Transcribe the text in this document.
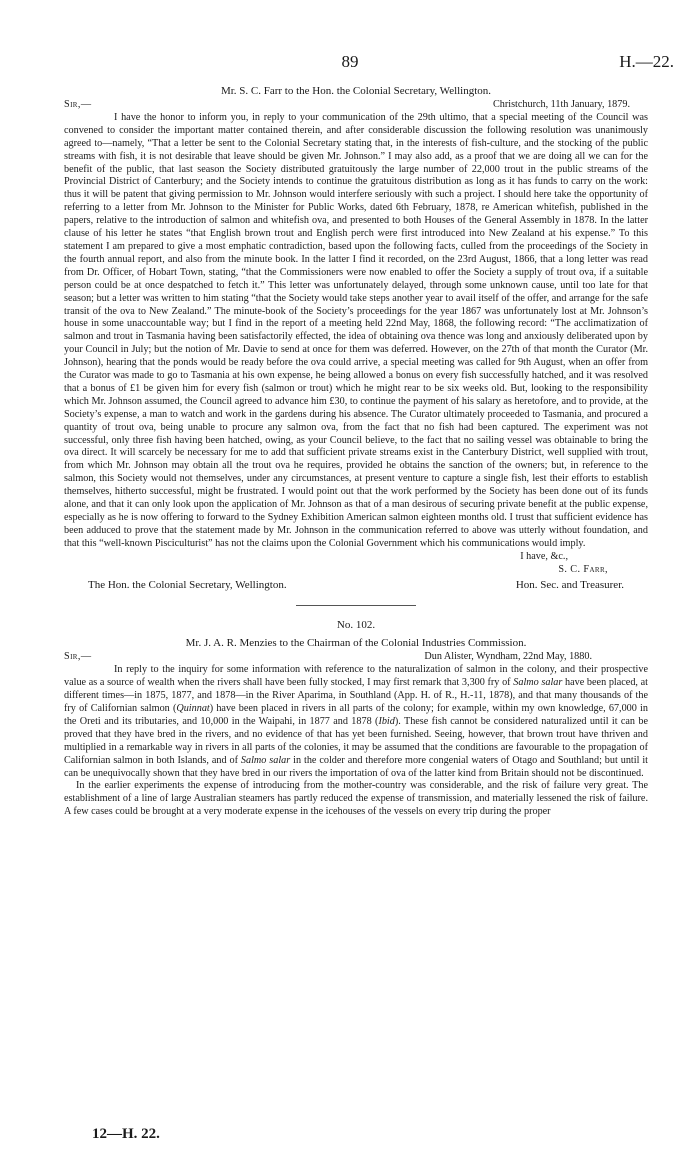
89	H.—22.

Mr. S. C. Farr to the Hon. the Colonial Secretary, Wellington.

Sir,—	Christchurch, 11th January, 1879.

I have the honor to inform you, in reply to your communication of the 29th ultimo, that a special meeting of the Council was convened to consider the important matter contained therein, and after considerable discussion the following resolution was unanimously agreed to—namely, “That a letter be sent to the Colonial Secretary stating that, in the interests of fish-culture, and the stocking of the public streams with fish, it is not desirable that leave should be given Mr. Johnson.” I may also add, as a proof that we are doing all we can for the benefit of the public, that last season the Society distributed gratuitously the large number of 22,000 trout in the public streams of the Provincial District of Canterbury; and the Society intends to continue the gratuitous distribution as long as it has funds to carry on the work: thus it will be patent that giving permission to Mr. Johnson would interfere seriously with such a project. I should here take the opportunity of referring to a letter from Mr. Johnson to the Minister for Public Works, dated 6th February, 1878, re American whitefish, published in the papers, relative to the introduction of salmon and whitefish ova, and presented to both Houses of the General Assembly in 1878. In the latter clause of his letter he states “that English brown trout and English perch were first introduced into New Zealand at his expense.” To this statement I am prepared to give a most emphatic contradiction, based upon the following facts, culled from the proceedings of the Society in the fourth annual report, and also from the minute book. In the latter I find it recorded, on the 23rd August, 1866, that a long letter was read from Dr. Officer, of Hobart Town, stating, “that the Commissioners were now enabled to offer the Society a supply of trout ova, if a suitable person could be at once despatched to fetch it.” This letter was unfortunately delayed, through some unknown cause, until too late for that season; but a letter was written to him stating “that the Society would take steps another year to avail itself of the offer, and arrange for the safe transit of the ova to New Zealand.” The minute-book of the Society’s proceedings for the year 1867 was unfortunately lost at Mr. Johnson’s house in some unaccountable way; but I find in the report of a meeting held 22nd May, 1868, the following record: “The acclimatization of salmon and trout in Tasmania having been satisfactorily effected, the idea of obtaining ova thence was long and anxiously deliberated upon by your Council in July; but the notion of Mr. Davie to send at once for them was deferred. However, on the 27th of that month the Curator (Mr. Johnson), hearing that the ponds would be ready before the ova could arrive, a special meeting was called for 9th August, when an offer from the Curator was made to go to Tasmania at his own expense, he being allowed a bonus on every fish successfully hatched, and it was resolved that a bonus of £1 be given him for every fish (salmon or trout) which he might rear to be six weeks old. But, looking to the responsibility which Mr. Johnson assumed, the Council agreed to advance him £30, to continue the payment of his salary as heretofore, and to provide, at the Society’s expense, a man to watch and work in the gardens during his absence. The Curator ultimately proceeded to Tasmania, and procured a quantity of trout ova, being unable to procure any salmon ova, from the fact that no fish had been captured. The experiment was not successful, only three fish having been hatched, owing, as your Council believe, to the fact that no sailing vessel was obtainable to bring the ova direct. It will scarcely be necessary for me to add that sufficient private streams exist in the Canterbury District, well supplied with trout, from which Mr. Johnson may obtain all the trout ova he requires, provided he obtains the sanction of the owners; but, in reference to the salmon, this Society would not themselves, under any circumstances, at present venture to capture a single fish, lest their efforts to establish themselves, hitherto successful, might be frustrated. I would point out that the work performed by the Society has been done out of its funds alone, and that it can only look upon the application of Mr. Johnson as that of a man desirous of securing private benefit at the public expense, especially as he is now offering to forward to the Sydney Exhibition American salmon eighteen months old. I trust that sufficient evidence has been adduced to prove that the statement made by Mr. Johnson in the communication referred to above was utterly without foundation, and that this “well-known Pisciculturist” has not the claims upon the Colonial Government which his communications would imply.

I have, &c.,

S. C. Farr,

The Hon. the Colonial Secretary, Wellington.	Hon. Sec. and Treasurer.

No. 102.

Mr. J. A. R. Menzies to the Chairman of the Colonial Industries Commission.

Sir,—	Dun Alister, Wyndham, 22nd May, 1880.

In reply to the inquiry for some information with reference to the naturalization of salmon in the colony, and their prospective value as a source of wealth when the rivers shall have been fully stocked, I may first remark that 3,300 fry of Salmo salar have been placed, at different times—in 1875, 1877, and 1878—in the River Aparima, in Southland (App. H. of R., H.-11, 1878), and that many thousands of the fry of Californian salmon (Quinnat) have been placed in rivers in all parts of the colony; for example, within my own knowledge, 67,000 in the Oreti and its tributaries, and 10,000 in the Waipahi, in 1877 and 1878 (Ibid). These fish cannot be considered naturalized until it can be proved that they have bred in the rivers, and no evidence of that has yet been furnished. Seeing, however, that brown trout have thriven and multiplied in a remarkable way in rivers in all parts of the colonies, it may be assumed that the conditions are favourable to the propagation of Californian salmon in both Islands, and of Salmo salar in the colder and therefore more congenial waters of Otago and Southland; but until it can be unequivocally shown that they have bred in our rivers the importation of ova of the latter kind from Britain should not be discontinued.

In the earlier experiments the expense of introducing from the mother-country was considerable, and the risk of failure very great. The establishment of a line of large Australian steamers has partly reduced the expense of transmission, and materially lessened the risk of failure. A few cases could be brought at a very moderate expense in the icehouses of the vessels on every trip during the proper

12—H. 22.
